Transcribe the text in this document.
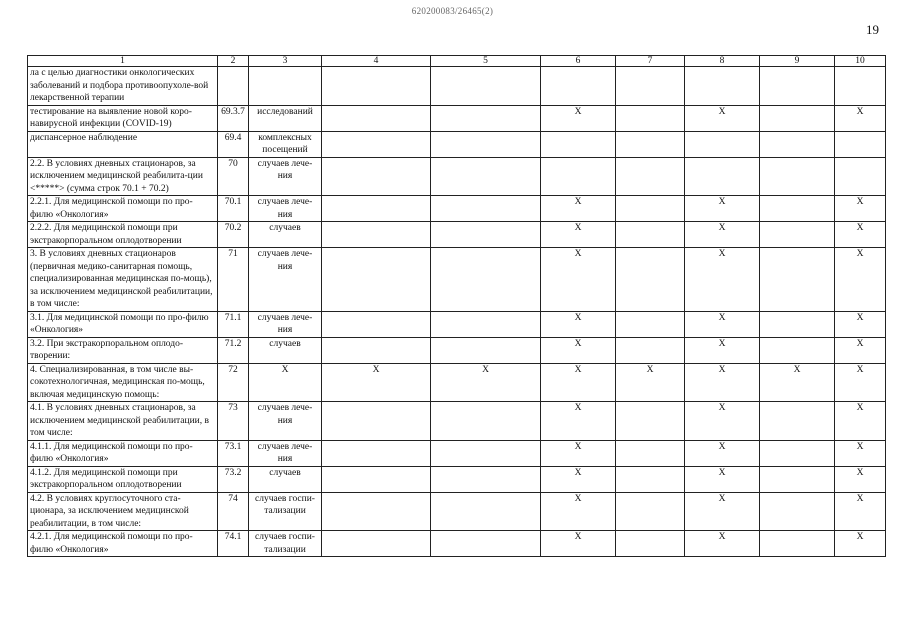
620200083/26465(2)
19
1	2	3	4	5	6	7	8	9	10
ла с целью диагностики онкологических заболеваний и подбора противоопухоле-вой лекарственной терапии									
тестирование на выявление новой коро-навирусной инфекции (COVID-19)	69.3.7	исследований			X		X		X
диспансерное наблюдение	69.4	комплексных посещений							
2.2. В условиях дневных стационаров, за исключением медицинской реабилита-ции <*****> (сумма строк 70.1 + 70.2)	70	случаев лече-ния							
2.2.1. Для медицинской помощи по про-филю «Онкология»	70.1	случаев лече-ния			X		X		X
2.2.2. Для медицинской помощи при экстракорпоральном оплодотворении	70.2	случаев			X		X		X
3. В условиях дневных стационаров (первичная медико-санитарная помощь, специализированная медицинская по-мощь), за исключением медицинской реабилитации, в том числе:	71	случаев лече-ния			X		X		X
3.1. Для медицинской помощи по про-филю «Онкология»	71.1	случаев лече-ния			X		X		X
3.2. При экстракорпоральном оплодо-творении:	71.2	случаев			X		X		X
4. Специализированная, в том числе вы-сокотехнологичная, медицинская по-мощь, включая медицинскую помощь:	72	X	X	X	X	X	X	X	X
4.1. В условиях дневных стационаров, за исключением медицинской реабилитации, в том числе:	73	случаев лече-ния			X		X		X
4.1.1. Для медицинской помощи по про-филю «Онкология»	73.1	случаев лече-ния			X		X		X
4.1.2. Для медицинской помощи при экстракорпоральном оплодотворении	73.2	случаев			X		X		X
4.2. В условиях круглосуточного ста-ционара, за исключением медицинской реабилитации, в том числе:	74	случаев госпи-тализации			X		X		X
4.2.1. Для медицинской помощи по про-филю «Онкология»	74.1	случаев госпи-тализации			X		X		X
